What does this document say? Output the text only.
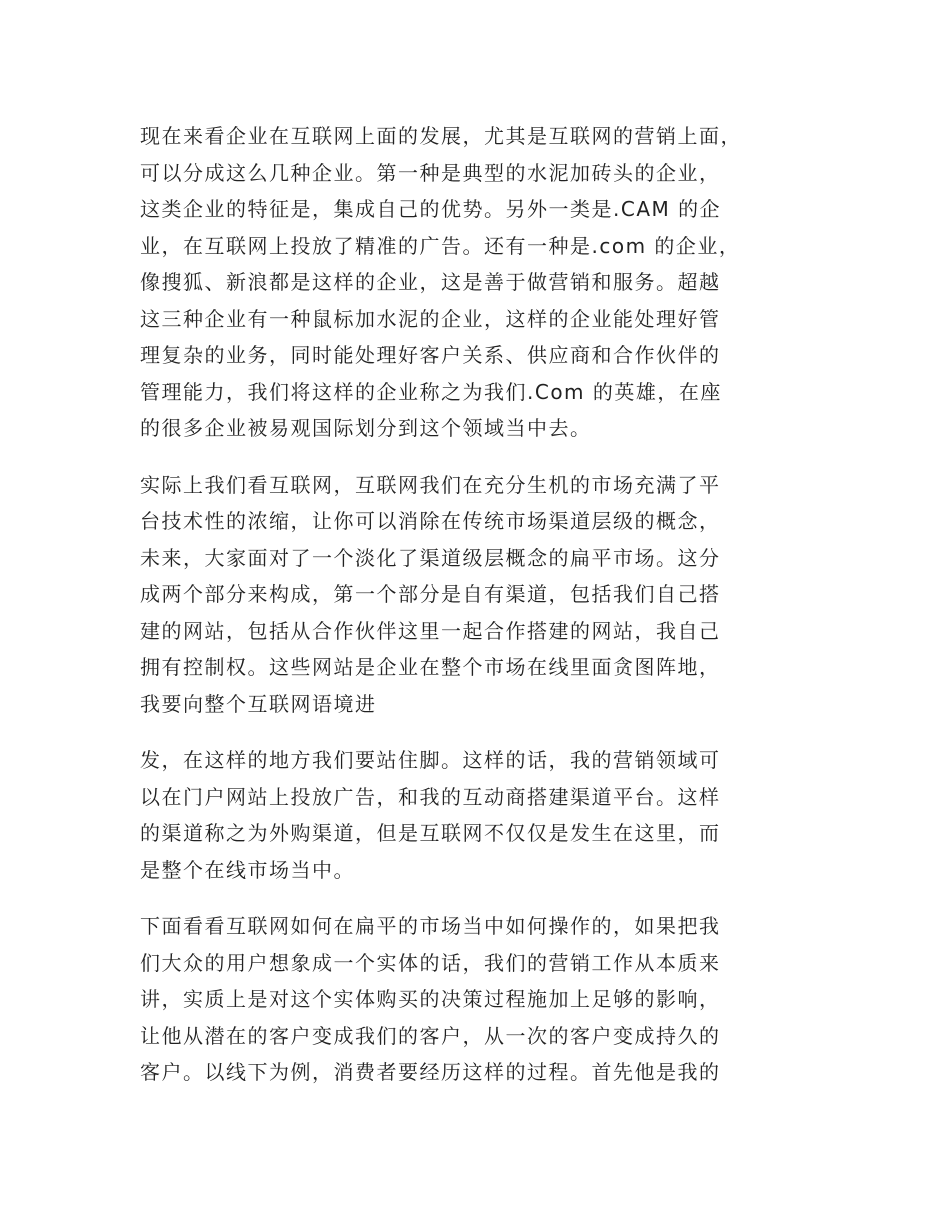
现在来看企业在互联网上面的发展，尤其是互联网的营销上面，
可以分成这么几种企业。第一种是典型的水泥加砖头的企业，
这类企业的特征是，集成自己的优势。另外一类是.CAM 的企
业，在互联网上投放了精准的广告。还有一种是.com 的企业，
像搜狐、新浪都是这样的企业，这是善于做营销和服务。超越
这三种企业有一种鼠标加水泥的企业，这样的企业能处理好管
理复杂的业务，同时能处理好客户关系、供应商和合作伙伴的
管理能力，我们将这样的企业称之为我们.Com 的英雄，在座
的很多企业被易观国际划分到这个领域当中去。

实际上我们看互联网，互联网我们在充分生机的市场充满了平
台技术性的浓缩，让你可以消除在传统市场渠道层级的概念，
未来，大家面对了一个淡化了渠道级层概念的扁平市场。这分
成两个部分来构成，第一个部分是自有渠道，包括我们自己搭
建的网站，包括从合作伙伴这里一起合作搭建的网站，我自己
拥有控制权。这些网站是企业在整个市场在线里面贪图阵地，
我要向整个互联网语境进

发，在这样的地方我们要站住脚。这样的话，我的营销领域可
以在门户网站上投放广告，和我的互动商搭建渠道平台。这样
的渠道称之为外购渠道，但是互联网不仅仅是发生在这里，而
是整个在线市场当中。

下面看看互联网如何在扁平的市场当中如何操作的，如果把我
们大众的用户想象成一个实体的话，我们的营销工作从本质来
讲，实质上是对这个实体购买的决策过程施加上足够的影响，
让他从潜在的客户变成我们的客户，从一次的客户变成持久的
客户。以线下为例，消费者要经历这样的过程。首先他是我的
